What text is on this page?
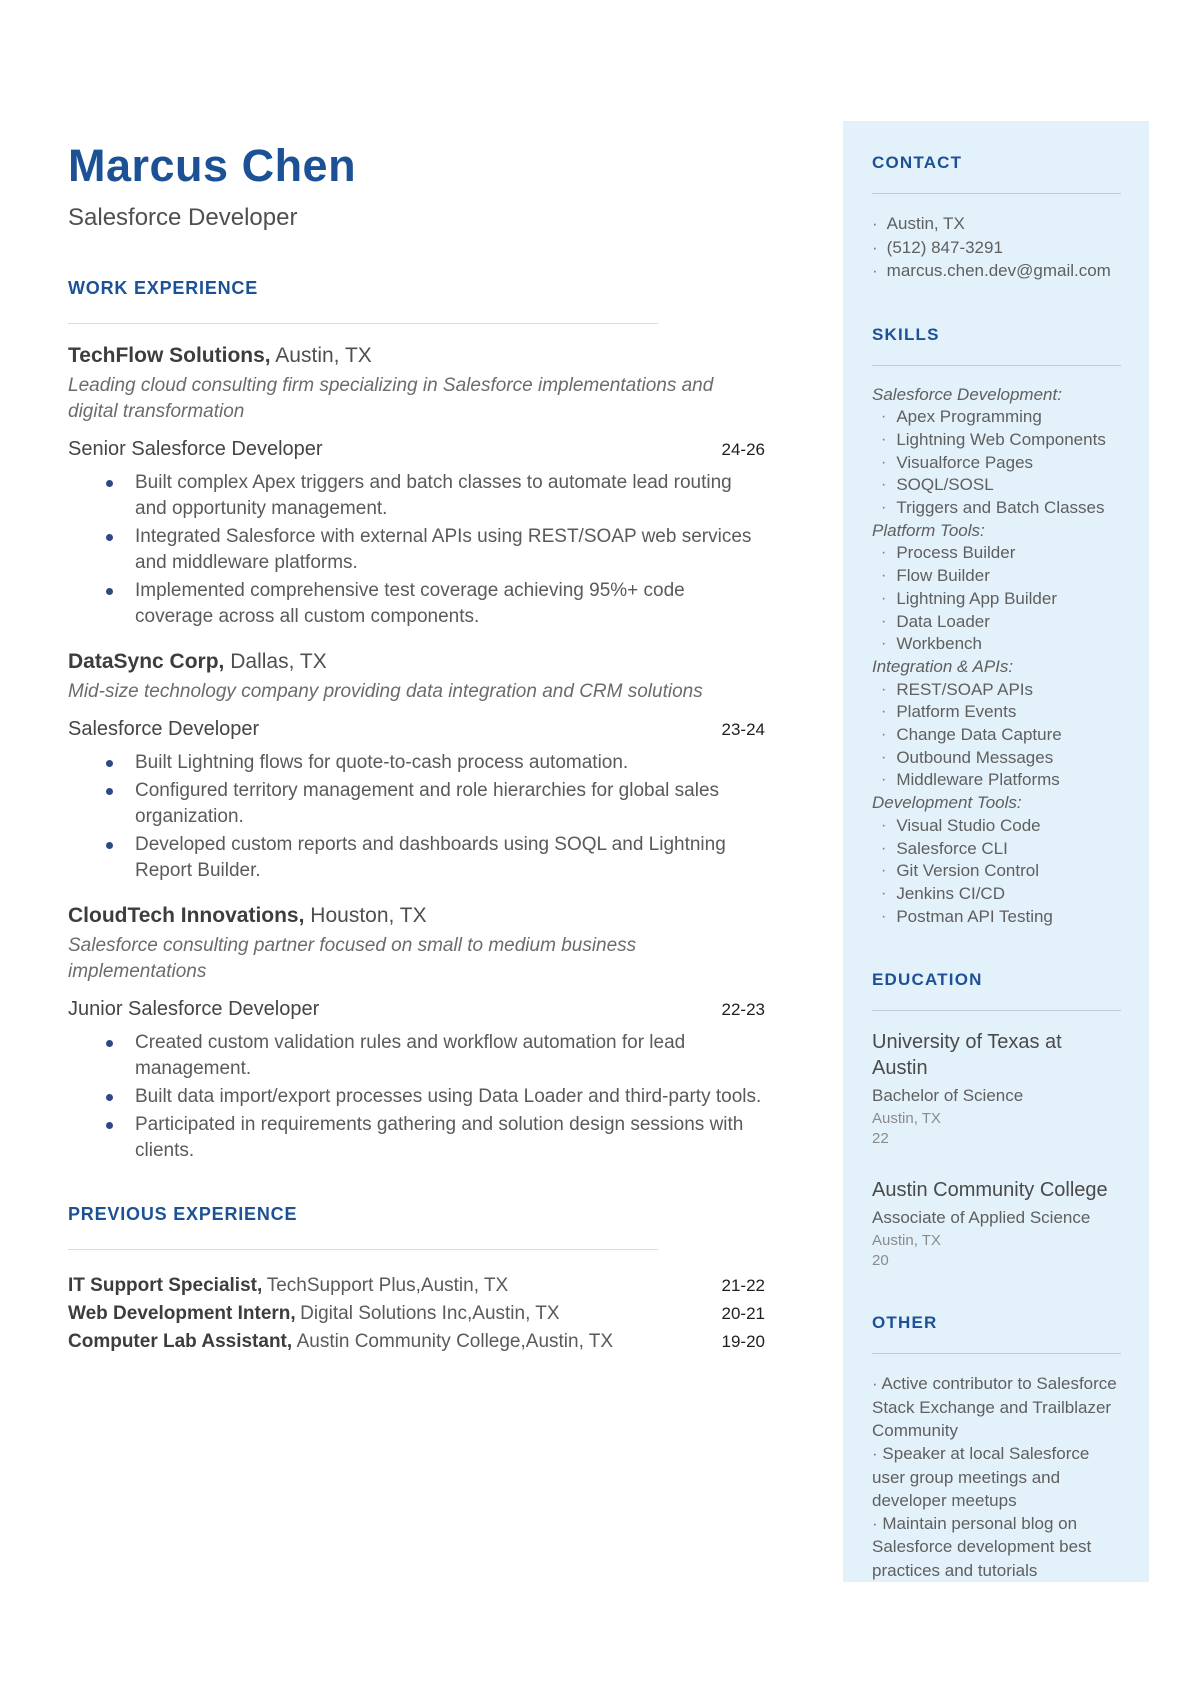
Marcus Chen
Salesforce Developer
WORK EXPERIENCE
TechFlow Solutions, Austin, TX
Leading cloud consulting firm specializing in Salesforce implementations and digital transformation
Senior Salesforce Developer	24-26
Built complex Apex triggers and batch classes to automate lead routing and opportunity management.
Integrated Salesforce with external APIs using REST/SOAP web services and middleware platforms.
Implemented comprehensive test coverage achieving 95%+ code coverage across all custom components.
DataSync Corp, Dallas, TX
Mid-size technology company providing data integration and CRM solutions
Salesforce Developer	23-24
Built Lightning flows for quote-to-cash process automation.
Configured territory management and role hierarchies for global sales organization.
Developed custom reports and dashboards using SOQL and Lightning Report Builder.
CloudTech Innovations, Houston, TX
Salesforce consulting partner focused on small to medium business implementations
Junior Salesforce Developer	22-23
Created custom validation rules and workflow automation for lead management.
Built data import/export processes using Data Loader and third-party tools.
Participated in requirements gathering and solution design sessions with clients.
PREVIOUS EXPERIENCE
IT Support Specialist, TechSupport Plus,Austin, TX	21-22
Web Development Intern, Digital Solutions Inc,Austin, TX	20-21
Computer Lab Assistant, Austin Community College,Austin, TX	19-20
CONTACT
· Austin, TX
· (512) 847-3291
· marcus.chen.dev@gmail.com
SKILLS
Salesforce Development:
· Apex Programming
· Lightning Web Components
· Visualforce Pages
· SOQL/SOSL
· Triggers and Batch Classes
Platform Tools:
· Process Builder
· Flow Builder
· Lightning App Builder
· Data Loader
· Workbench
Integration & APIs:
· REST/SOAP APIs
· Platform Events
· Change Data Capture
· Outbound Messages
· Middleware Platforms
Development Tools:
· Visual Studio Code
· Salesforce CLI
· Git Version Control
· Jenkins CI/CD
· Postman API Testing
EDUCATION
University of Texas at Austin
Bachelor of Science
Austin, TX
22
Austin Community College
Associate of Applied Science
Austin, TX
20
OTHER
· Active contributor to Salesforce Stack Exchange and Trailblazer Community
· Speaker at local Salesforce user group meetings and developer meetups
· Maintain personal blog on Salesforce development best practices and tutorials
